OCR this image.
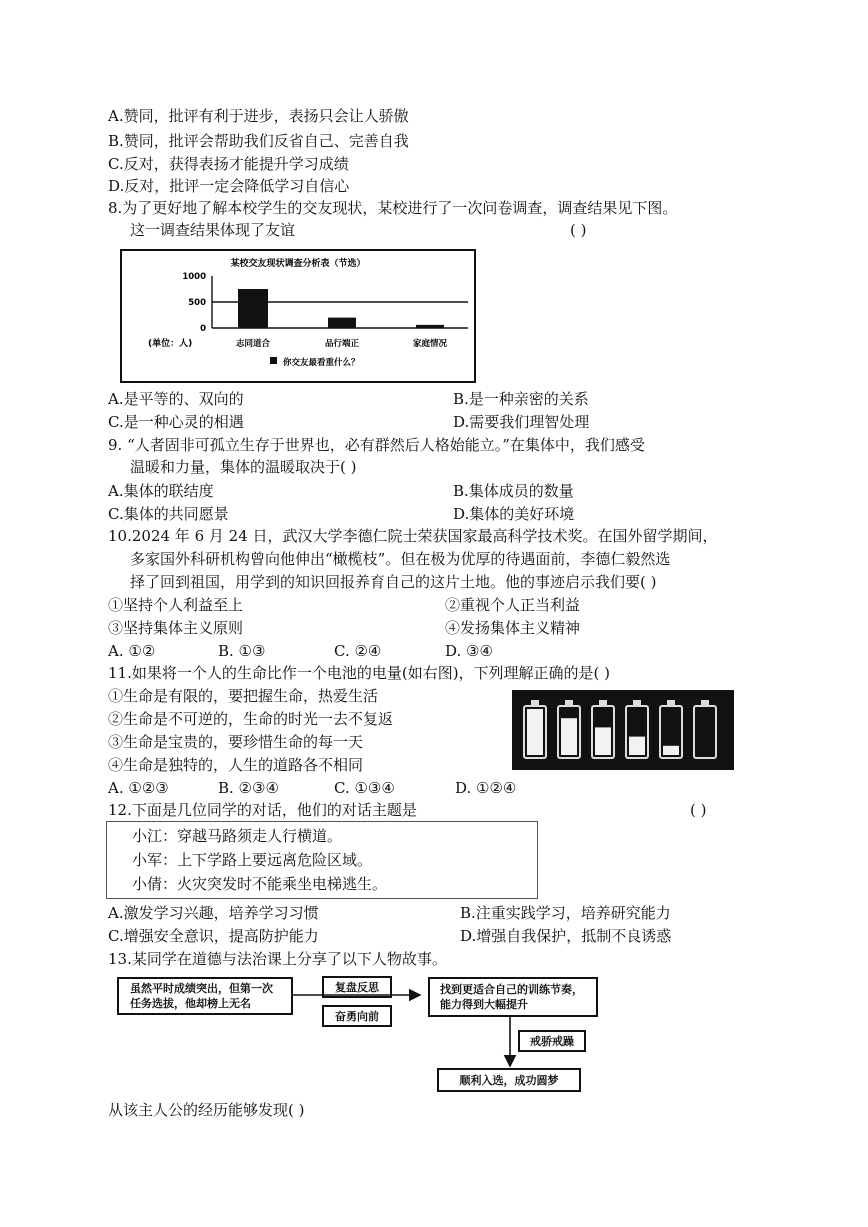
A.赞同，批评有利于进步，表扬只会让人骄傲
B.赞同，批评会帮助我们反省自己、完善自我
C.反对，获得表扬才能提升学习成绩
D.反对，批评一定会降低学习自信心
8.为了更好地了解本校学生的交友现状，某校进行了一次问卷调查，调查结果见下图。
这一调查结果体现了友谊	( )
某校交友现状调查分析表（节选）
1000
500
0
志同道合	品行端正	家庭情况
(单位：人)
你交友最看重什么？
A.是平等的、双向的	B.是一种亲密的关系
C.是一种心灵的相遇	D.需要我们理智处理
9. “人者固非可孤立生存于世界也，必有群然后人格始能立。”在集体中，我们感受
温暖和力量，集体的温暖取决于( )
A.集体的联结度	B.集体成员的数量
C.集体的共同愿景	D.集体的美好环境
10.2024 年 6 月 24 日，武汉大学李德仁院士荣获国家最高科学技术奖。在国外留学期间，
多家国外科研机构曾向他伸出“橄榄枝”。但在极为优厚的待遇面前，李德仁毅然选
择了回到祖国，用学到的知识回报养育自己的这片土地。他的事迹启示我们要( )
①坚持个人利益至上	②重视个人正当利益
③坚持集体主义原则	④发扬集体主义精神
A. ①②	B. ①③	C. ②④	D. ③④
11.如果将一个人的生命比作一个电池的电量(如右图)，下列理解正确的是( )
①生命是有限的，要把握生命，热爱生活
②生命是不可逆的，生命的时光一去不复返
③生命是宝贵的，要珍惜生命的每一天
④生命是独特的，人生的道路各不相同
A. ①②③	B. ②③④	C. ①③④	D. ①②④
12.下面是几位同学的对话，他们的对话主题是	( )
小江：穿越马路须走人行横道。
小军：上下学路上要远离危险区域。
小倩：火灾突发时不能乘坐电梯逃生。
A.激发学习兴趣，培养学习习惯	B.注重实践学习，培养研究能力
C.增强安全意识，提高防护能力	D.增强自我保护，抵制不良诱惑
13.某同学在道德与法治课上分享了以下人物故事。
虽然平时成绩突出，但第一次任务选拔，他却榜上无名
复盘反思
奋勇向前
找到更适合自己的训练节奏，能力得到大幅提升
戒骄戒躁
顺利入选，成功圆梦
从该主人公的经历能够发现( )
